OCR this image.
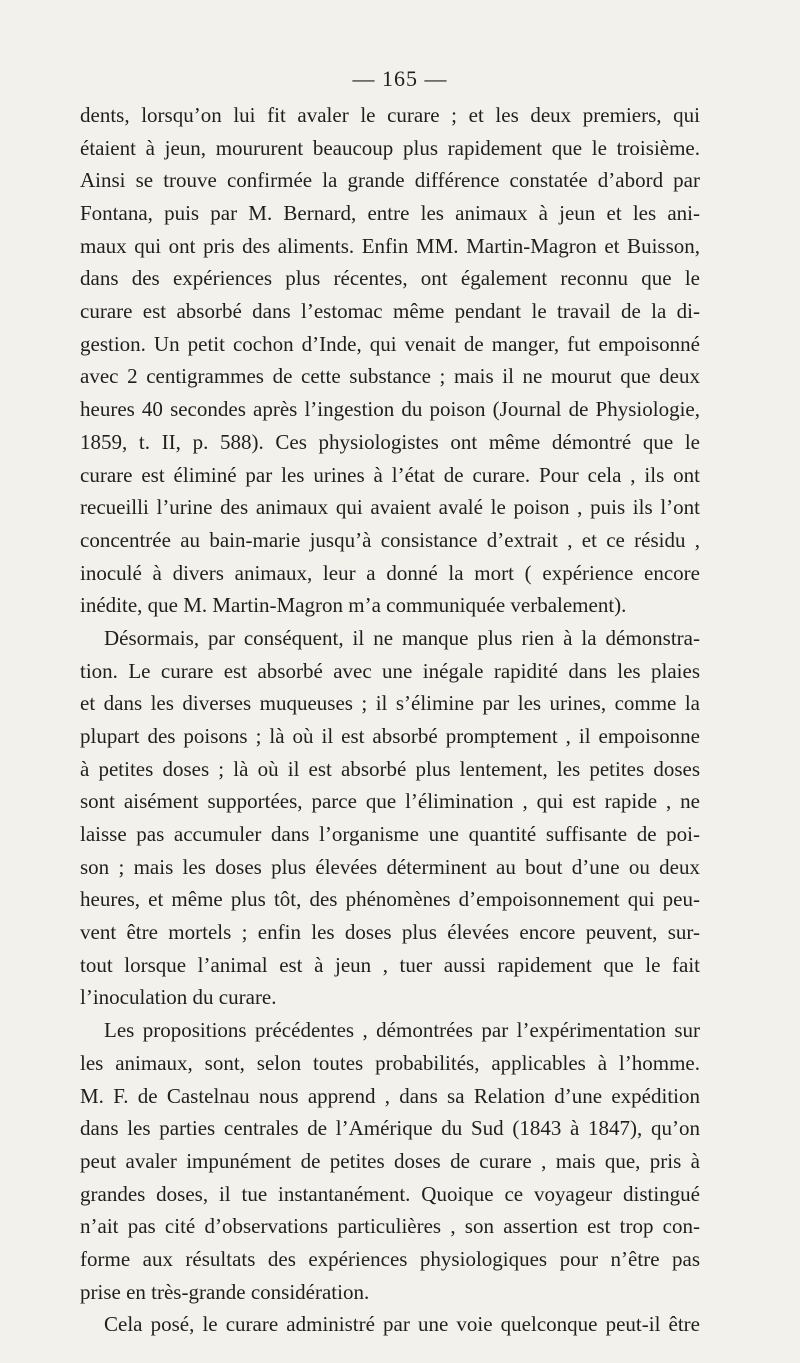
— 165 —
dents, lorsqu’on lui fit avaler le curare ; et les deux premiers, qui
étaient à jeun, moururent beaucoup plus rapidement que le troisième.
Ainsi se trouve confirmée la grande différence constatée d’abord par
Fontana, puis par M. Bernard, entre les animaux à jeun et les ani-
maux qui ont pris des aliments. Enfin MM. Martin-Magron et Buisson,
dans des expériences plus récentes, ont également reconnu que le
curare est absorbé dans l’estomac même pendant le travail de la di-
gestion. Un petit cochon d’Inde, qui venait de manger, fut empoisonné
avec 2 centigrammes de cette substance ; mais il ne mourut que deux
heures 40 secondes après l’ingestion du poison (Journal de Physiologie,
1859, t. II, p. 588). Ces physiologistes ont même démontré que le
curare est éliminé par les urines à l’état de curare. Pour cela , ils ont
recueilli l’urine des animaux qui avaient avalé le poison , puis ils l’ont
concentrée au bain-marie jusqu’à consistance d’extrait , et ce résidu ,
inoculé à divers animaux, leur a donné la mort ( expérience encore
inédite, que M. Martin-Magron m’a communiquée verbalement).
Désormais, par conséquent, il ne manque plus rien à la démonstra-
tion. Le curare est absorbé avec une inégale rapidité dans les plaies
et dans les diverses muqueuses ; il s’élimine par les urines, comme la
plupart des poisons ; là où il est absorbé promptement , il empoisonne
à petites doses ; là où il est absorbé plus lentement, les petites doses
sont aisément supportées, parce que l’élimination , qui est rapide , ne
laisse pas accumuler dans l’organisme une quantité suffisante de poi-
son ; mais les doses plus élevées déterminent au bout d’une ou deux
heures, et même plus tôt, des phénomènes d’empoisonnement qui peu-
vent être mortels ; enfin les doses plus élevées encore peuvent, sur-
tout lorsque l’animal est à jeun , tuer aussi rapidement que le fait
l’inoculation du curare.
Les propositions précédentes , démontrées par l’expérimentation sur
les animaux, sont, selon toutes probabilités, applicables à l’homme.
M. F. de Castelnau nous apprend , dans sa Relation d’une expédition
dans les parties centrales de l’Amérique du Sud (1843 à 1847), qu’on
peut avaler impunément de petites doses de curare , mais que, pris à
grandes doses, il tue instantanément. Quoique ce voyageur distingué
n’ait pas cité d’observations particulières , son assertion est trop con-
forme aux résultats des expériences physiologiques pour n’être pas
prise en très-grande considération.
Cela posé, le curare administré par une voie quelconque peut-il être
